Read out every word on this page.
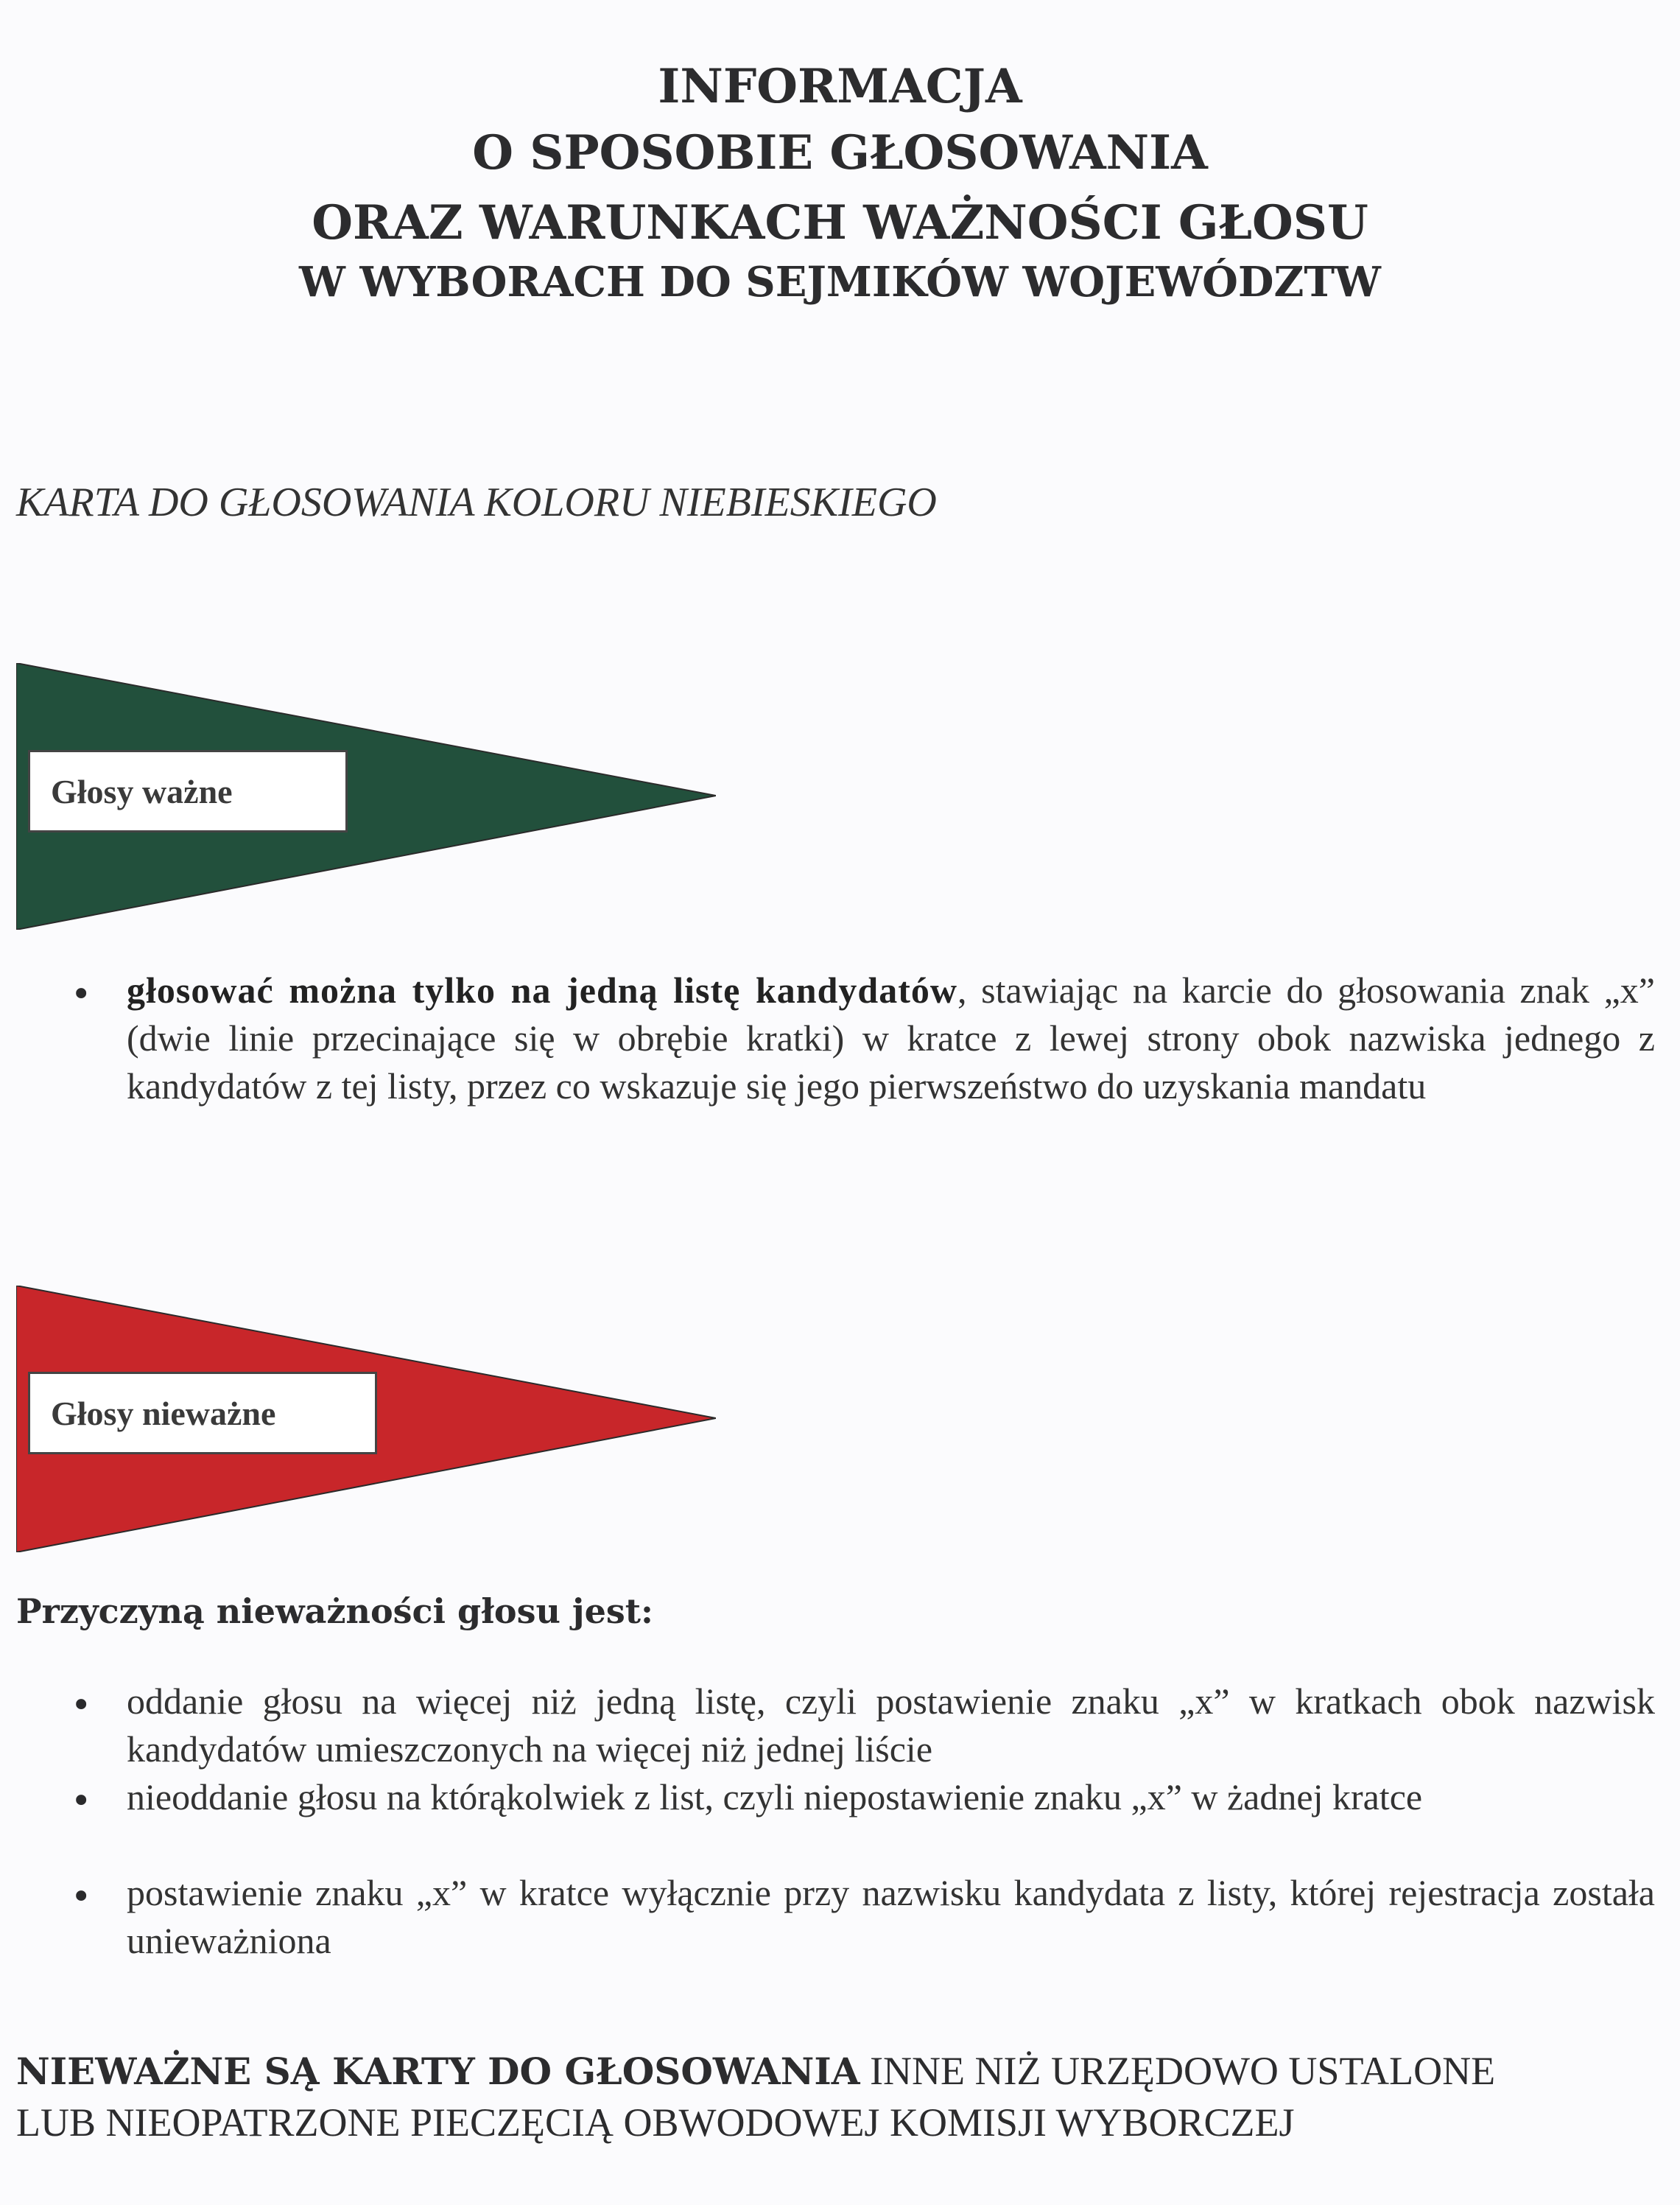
INFORMACJA
O SPOSOBIE GŁOSOWANIA
ORAZ WARUNKACH WAŻNOŚCI GŁOSU
W WYBORACH DO SEJMIKÓW WOJEWÓDZTW
KARTA DO GŁOSOWANIA KOLORU NIEBIESKIEGO
Głosy ważne
• głosować można tylko na jedną listę kandydatów, stawiając na karcie do głosowania znak „x” (dwie linie przecinające się w obrębie kratki) w kratce z lewej strony obok nazwiska jednego z kandydatów z tej listy, przez co wskazuje się jego pierwszeństwo do uzyskania mandatu
Głosy nieważne
Przyczyną nieważności głosu jest:
• oddanie głosu na więcej niż jedną listę, czyli postawienie znaku „x” w kratkach obok nazwisk kandydatów umieszczonych na więcej niż jednej liście
• nieoddanie głosu na którąkolwiek z list, czyli niepostawienie znaku „x” w żadnej kratce
• postawienie znaku „x” w kratce wyłącznie przy nazwisku kandydata z listy, której rejestracja została unieważniona
NIEWAŻNE SĄ KARTY DO GŁOSOWANIA INNE NIŻ URZĘDOWO USTALONE
LUB NIEOPATRZONE PIECZĘCIĄ OBWODOWEJ KOMISJI WYBORCZEJ
